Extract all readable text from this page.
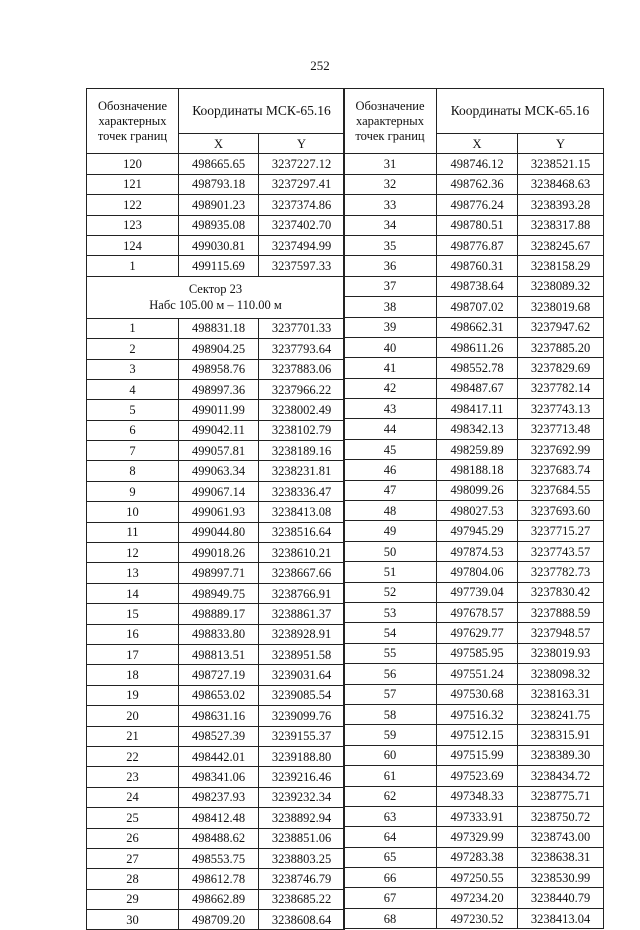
252
Обозначение характерных точек границ	Координаты МСК-65.16	
	X	Y
120	498665.65	3237227.12
121	498793.18	3237297.41
122	498901.23	3237374.86
123	498935.08	3237402.70
124	499030.81	3237494.99
1	499115.69	3237597.33

Сектор 23
Набс 105.00 м – 110.00 м		

1	498831.18	3237701.33
2	498904.25	3237793.64
3	498958.76	3237883.06
4	498997.36	3237966.22
5	499011.99	3238002.49
6	499042.11	3238102.79
7	499057.81	3238189.16
8	499063.34	3238231.81
9	499067.14	3238336.47
10	499061.93	3238413.08
11	499044.80	3238516.64
12	499018.26	3238610.21
13	498997.71	3238667.66
14	498949.75	3238766.91
15	498889.17	3238861.37
16	498833.80	3238928.91
17	498813.51	3238951.58
18	498727.19	3239031.64
19	498653.02	3239085.54
20	498631.16	3239099.76
21	498527.39	3239155.37
22	498442.01	3239188.80
23	498341.06	3239216.46
24	498237.93	3239232.34
25	498412.48	3238892.94
26	498488.62	3238851.06
27	498553.75	3238803.25
28	498612.78	3238746.79
29	498662.89	3238685.22
30	498709.20	3238608.64
Обозначение характерных точек границ	Координаты МСК-65.16	
	X	Y
31	498746.12	3238521.15
32	498762.36	3238468.63
33	498776.24	3238393.28
34	498780.51	3238317.88
35	498776.87	3238245.67
36	498760.31	3238158.29
37	498738.64	3238089.32
38	498707.02	3238019.68
39	498662.31	3237947.62
40	498611.26	3237885.20
41	498552.78	3237829.69
42	498487.67	3237782.14
43	498417.11	3237743.13
44	498342.13	3237713.48
45	498259.89	3237692.99
46	498188.18	3237683.74
47	498099.26	3237684.55
48	498027.53	3237693.60
49	497945.29	3237715.27
50	497874.53	3237743.57
51	497804.06	3237782.73
52	497739.04	3237830.42
53	497678.57	3237888.59
54	497629.77	3237948.57
55	497585.95	3238019.93
56	497551.24	3238098.32
57	497530.68	3238163.31
58	497516.32	3238241.75
59	497512.15	3238315.91
60	497515.99	3238389.30
61	497523.69	3238434.72
62	497348.33	3238775.71
63	497333.91	3238750.72
64	497329.99	3238743.00
65	497283.38	3238638.31
66	497250.55	3238530.99
67	497234.20	3238440.79
68	497230.52	3238413.04
